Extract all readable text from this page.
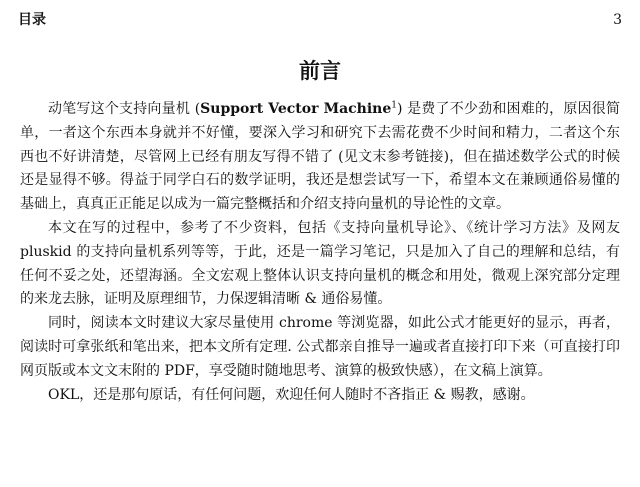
目录	3
前言

动笔写这个支持向量机 (Support Vector Machine$^1$) 是费了不少劲和困难的，原因很简单，一者这个东西本身就并不好懂，要深入学习和研究下去需花费不少时间和精力，二者这个东西也不好讲清楚，尽管网上已经有朋友写得不错了 (见文末参考链接)，但在描述数学公式的时候还是显得不够。得益于同学白石的数学证明，我还是想尝试写一下，希望本文在兼顾通俗易懂的基础上，真真正正能足以成为一篇完整概括和介绍支持向量机的导论性的文章。

本文在写的过程中，参考了不少资料，包括《支持向量机导论》、《统计学习方法》及网友 pluskid 的支持向量机系列等等，于此，还是一篇学习笔记，只是加入了自己的理解和总结，有任何不妥之处，还望海涵。全文宏观上整体认识支持向量机的概念和用处，微观上深究部分定理的来龙去脉，证明及原理细节，力保逻辑清晰 & 通俗易懂。

同时，阅读本文时建议大家尽量使用 chrome 等浏览器，如此公式才能更好的显示，再者，阅读时可拿张纸和笔出来，把本文所有定理. 公式都亲自推导一遍或者直接打印下来（可直接打印网页版或本文文末附的 PDF，享受随时随地思考、演算的极致快感），在文稿上演算。

OKL，还是那句原话，有任何问题，欢迎任何人随时不吝指正 & 赐教，感谢。
